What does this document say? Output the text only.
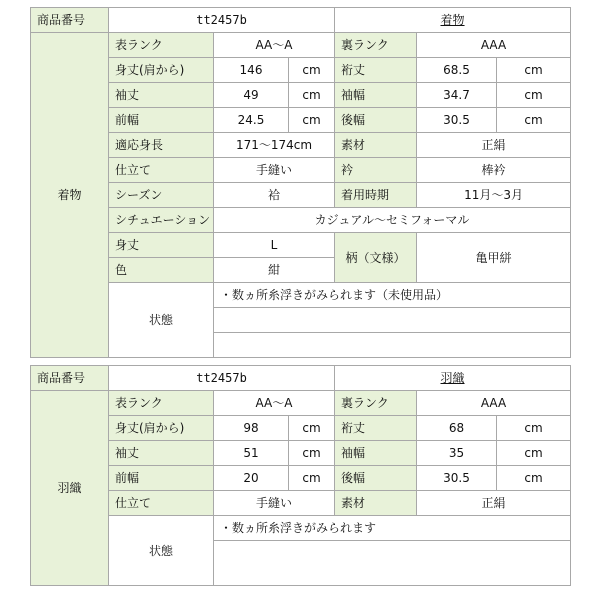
商品番号	tt2457b			着物		
着物	表ランク	AA～A		裏ランク	AAA	
	身丈(肩から)	146	cm	裄丈	68.5	cm
	袖丈	49	cm	袖幅	34.7	cm
	前幅	24.5	cm	後幅	30.5	cm
	適応身長	171～174cm		素材	正絹	
	仕立て	手縫い		衿	棒衿	
	シーズン	袷		着用時期	11月～3月	
	シチュエーション	カジュアル～セミフォーマル				
	身丈	L		柄（文様）	亀甲絣	
	色	紺				
	状態	・数ヵ所糸浮きがみられます（未使用品）				

商品番号	tt2457b			羽織		
羽織	表ランク	AA～A		裏ランク	AAA	
	身丈(肩から)	98	cm	裄丈	68	cm
	袖丈	51	cm	袖幅	35	cm
	前幅	20	cm	後幅	30.5	cm
	仕立て	手縫い		素材	正絹	
	状態	・数ヵ所糸浮きがみられます				
